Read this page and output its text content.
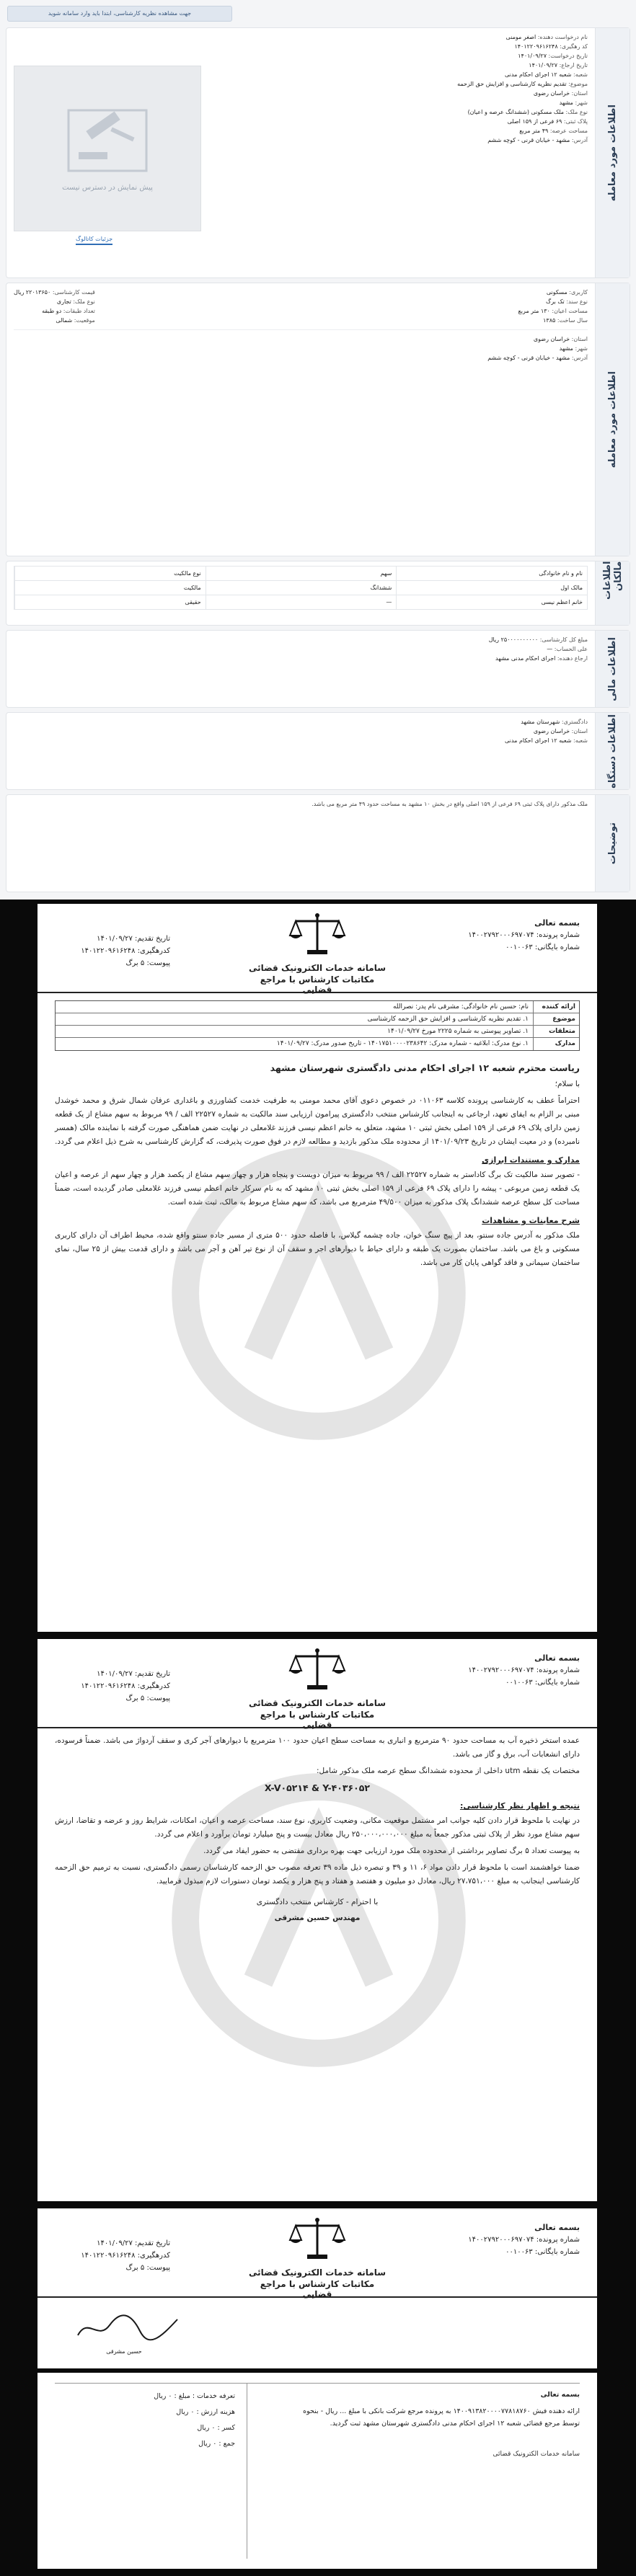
جهت مشاهده نظریه کارشناسی، ابتدا باید وارد سامانه شوید
اطلاعات مورد معامله
پیش نمایش در دسترس نیست
جزئیات کاتالوگ
نام درخواست دهنده: اصغر مومنی
کد رهگیری: ۱۴۰۱۲۲۰۹۶۱۶۲۴۸
تاریخ درخواست: ۱۴۰۱/۰۹/۲۷
تاریخ ارجاع: ۱۴۰۱/۰۹/۲۷
شعبه: شعبه ۱۲ اجرای احکام مدنی
موضوع: تقدیم نظریه کارشناسی و افزایش حق الزحمه
استان: خراسان رضوی
شهر: مشهد
نوع ملک: ملک مسکونی (ششدانگ عرصه و اعیان)
پلاک ثبتی: ۶۹ فرعی از ۱۵۹ اصلی
مساحت عرصه: ۴۹ متر مربع
آدرس: مشهد - خیابان قرنی - کوچه ششم
اطلاعات مورد معامله
کاربری: مسکونی
نوع سند: تک برگ
مساحت اعیان: ۱۳۰ متر مربع
سال ساخت: ۱۳۸۵
قیمت کارشناسی: ۲۲۰۱۳۶۵۰ ریال
نوع ملک: تجاری
تعداد طبقات: دو طبقه
موقعیت: شمالی
استان: خراسان رضوی
شهر: مشهد
آدرس: مشهد - خیابان قرنی - کوچه ششم
اطلاعات مالکان
نام و نام خانوادگی
سهم
نوع مالکیت
مالک اول
ششدانگ
مالکیت
خانم اعظم نیسی
—
حقیقی
اطلاعات مالی
مبلغ کل کارشناسی: ۲۵۰۰۰۰۰۰۰۰۰۰ ریال
علی الحساب: —
ارجاع دهنده: اجرای احکام مدنی مشهد
اطلاعات دستگاه
دادگستری: شهرستان مشهد
استان: خراسان رضوی
شعبه: شعبه ۱۲ اجرای احکام مدنی
توضیحات
ملک مذکور دارای پلاک ثبتی ۶۹ فرعی از ۱۵۹ اصلی واقع در بخش ۱۰ مشهد به مساحت حدود ۴۹ متر مربع می باشد.
بسمه تعالی
شماره پرونده: ۱۴۰۰۲۷۹۲۰۰۰۶۹۷۰۷۴
شماره بایگانی: ۰۰۱۰۰۶۳
سامانه خدمات الکترونیک قضائی
مکاتبات کارشناس با مراجع قضایی
تاریخ تقدیم: ۱۴۰۱/۰۹/۲۷
کدرهگیری: ۱۴۰۱۲۲۰۹۶۱۶۲۴۸
پیوست: ۵ برگ
ارائه کننده
نام: حسین نام خانوادگی: مشرقی نام پدر: نصرالله
موضوع
۱. تقدیم نظریه کارشناسی و افزایش حق الزحمه کارشناسی
متعلقات
۱. تصاویر پیوستی به شماره ۲۲۲۵ مورخ ۱۴۰۱/۰۹/۲۷
مدارک
۱. نوع مدرک: ابلاغیه - شماره مدرک: ۱۴۰۱۷۵۱۰۰۰۰۲۳۸۶۴۲ - تاریخ صدور مدرک: ۱۴۰۱/۰۹/۲۷
ریاست محترم شعبه ۱۲ اجرای احکام مدنی دادگستری شهرستان مشهد

با سلام؛

احتراماً عطف به کارشناسی پرونده کلاسه ۰۱۱۰۶۳ در خصوص دعوی آقای محمد مومنی به طرفیت خدمت کشاورزی و باغداری عرفان شمال شرق و محمد خوشدل مبنی بر الزام به ایفای تعهد، ارجاعی به اینجانب کارشناس منتخب دادگستری پیرامون ارزیابی سند مالکیت به شماره ۲۲۵۲۷ الف / ۹۹ مربوط به سهم مشاع از یک قطعه زمین دارای پلاک ۶۹ فرعی از ۱۵۹ اصلی بخش ثبتی ۱۰ مشهد، متعلق به خانم اعظم نیسی فرزند غلامعلی در نهایت ضمن هماهنگی صورت گرفته با نماینده مالک (همسر نامبرده) و در معیت ایشان در تاریخ ۱۴۰۱/۰۹/۲۳ از محدوده ملک مذکور بازدید و مطالعه لازم در فوق صورت پذیرفت، که گزارش کارشناسی به شرح ذیل اعلام می گردد.

مدارک و مستندات ابرازی

- تصویر سند مالکیت تک برگ کاداستر به شماره ۲۲۵۲۷ الف / ۹۹ مربوط به میزان دویست و پنجاه هزار و چهار سهم مشاع از یکصد هزار و چهار سهم از عرصه و اعیان یک قطعه زمین مربوعی - پیشه را دارای پلاک ۶۹ فرعی از ۱۵۹ اصلی بخش ثبتی ۱۰ مشهد که به نام سرکار خانم اعظم نیسی فرزند غلامعلی صادر گردیده است، ضمناً مساحت کل سطح عرصه ششدانگ پلاک مذکور به میزان ۴۹/۵۰۰ مترمربع می باشد، که سهم مشاع مربوط به مالک، ثبت شده است.

شرح معاینات و مشاهدات

ملک مذکور به آدرس جاده سنتو، بعد از پیچ سنگ خوان، جاده چشمه گیلاس، با فاصله حدود ۵۰۰ متری از مسیر جاده سنتو واقع شده، محیط اطراف آن دارای کاربری مسکونی و باغ می باشد. ساختمان بصورت یک طبقه و دارای حیاط با دیوارهای اجر و سقف آن از نوع تیر آهن و آجر می باشد و دارای قدمت بیش از ۲۵ سال، نمای ساختمان سیمانی و فاقد گواهی پایان کار می باشد.

بسمه تعالی
شماره پرونده: ۱۴۰۰۲۷۹۲۰۰۰۶۹۷۰۷۴
شماره بایگانی: ۰۰۱۰۰۶۳
سامانه خدمات الکترونیک قضائی
مکاتبات کارشناس با مراجع قضایی
تاریخ تقدیم: ۱۴۰۱/۰۹/۲۷
کدرهگیری: ۱۴۰۱۲۲۰۹۶۱۶۲۴۸
پیوست: ۵ برگ

عمده استخر ذخیره آب به مساحت حدود ۹۰ مترمربع و انباری به مساحت سطح اعیان حدود ۱۰۰ مترمربع با دیوارهای آجر کری و سقف آردواژ می باشد. ضمناً فرسوده، دارای انشعابات آب، برق و گاز می باشد.

مختصات یک نقطه utm داخلی از محدوده ششدانگ سطح عرصه ملک مذکور شامل:

X-V۰۵۲۱۴ & Y-۴۰۳۶۰۵۲
نتیجه و اظهار نظر کارشناسی:

در نهایت با ملحوظ قرار دادن کلیه جوانب امر مشتمل موقعیت مکانی، وضعیت کاربری، نوع سند، مساحت عرصه و اعیان، امکانات، شرایط روز و عرضه و تقاضا، ارزش سهم مشاع مورد نظر از پلاک ثبتی مذکور جمعاً به مبلغ ۲۵۰،۰۰۰،۰۰۰،۰۰۰ ریال معادل بیست و پنج میلیارد تومان برآورد و اعلام می گردد.

به پیوست تعداد ۵ برگ تصاویر برداشتی از محدوده ملک مورد ارزیابی جهت بهره برداری مقتضی به حضور ایفاد می گردد.

ضمنا خواهشمند است با ملحوظ قرار دادن مواد ۶، ۱۱ و ۳۹ و تبصره ذیل ماده ۳۹ تعرفه مصوب حق الزحمه کارشناسان رسمی دادگستری، نسبت به ترمیم حق الزحمه کارشناسی اینجانب به مبلغ ۲۷،۷۵۱،۰۰۰ ریال، معادل دو میلیون و هفتصد و هفتاد و پنج هزار و یکصد تومان دستورات لازم مبذول فرمایید.

با احترام - کارشناس منتخب دادگستری
مهندس حسین مشرقی
بسمه تعالی
شماره پرونده: ۱۴۰۰۲۷۹۲۰۰۰۶۹۷۰۷۴
شماره بایگانی: ۰۰۱۰۰۶۳
سامانه خدمات الکترونیک قضائی
مکاتبات کارشناس با مراجع قضایی
تاریخ تقدیم: ۱۴۰۱/۰۹/۲۷
کدرهگیری: ۱۴۰۱۲۲۰۹۶۱۶۲۴۸
پیوست: ۵ برگ
حسین مشرقی
بسمه تعالی
ارائه دهنده فیش ۱۴۰۰۹۱۳۸۲۰۰۰۰۷۷۸۱۸۷۶۰ به پرونده مرجع شرکت بانکی با مبلغ ... ریال - بنحوه توسط مرجع قضائی شعبه ۱۲ اجرای احکام مدنی دادگستری شهرستان مشهد ثبت گردید.
سامانه خدمات الکترونیک قضائی
تعرفه خدمات : مبلغ : ۰ ریال
هزینه ارزش : ۰ ریال
کسر : ۰ ریال
جمع : ۰ ریال
